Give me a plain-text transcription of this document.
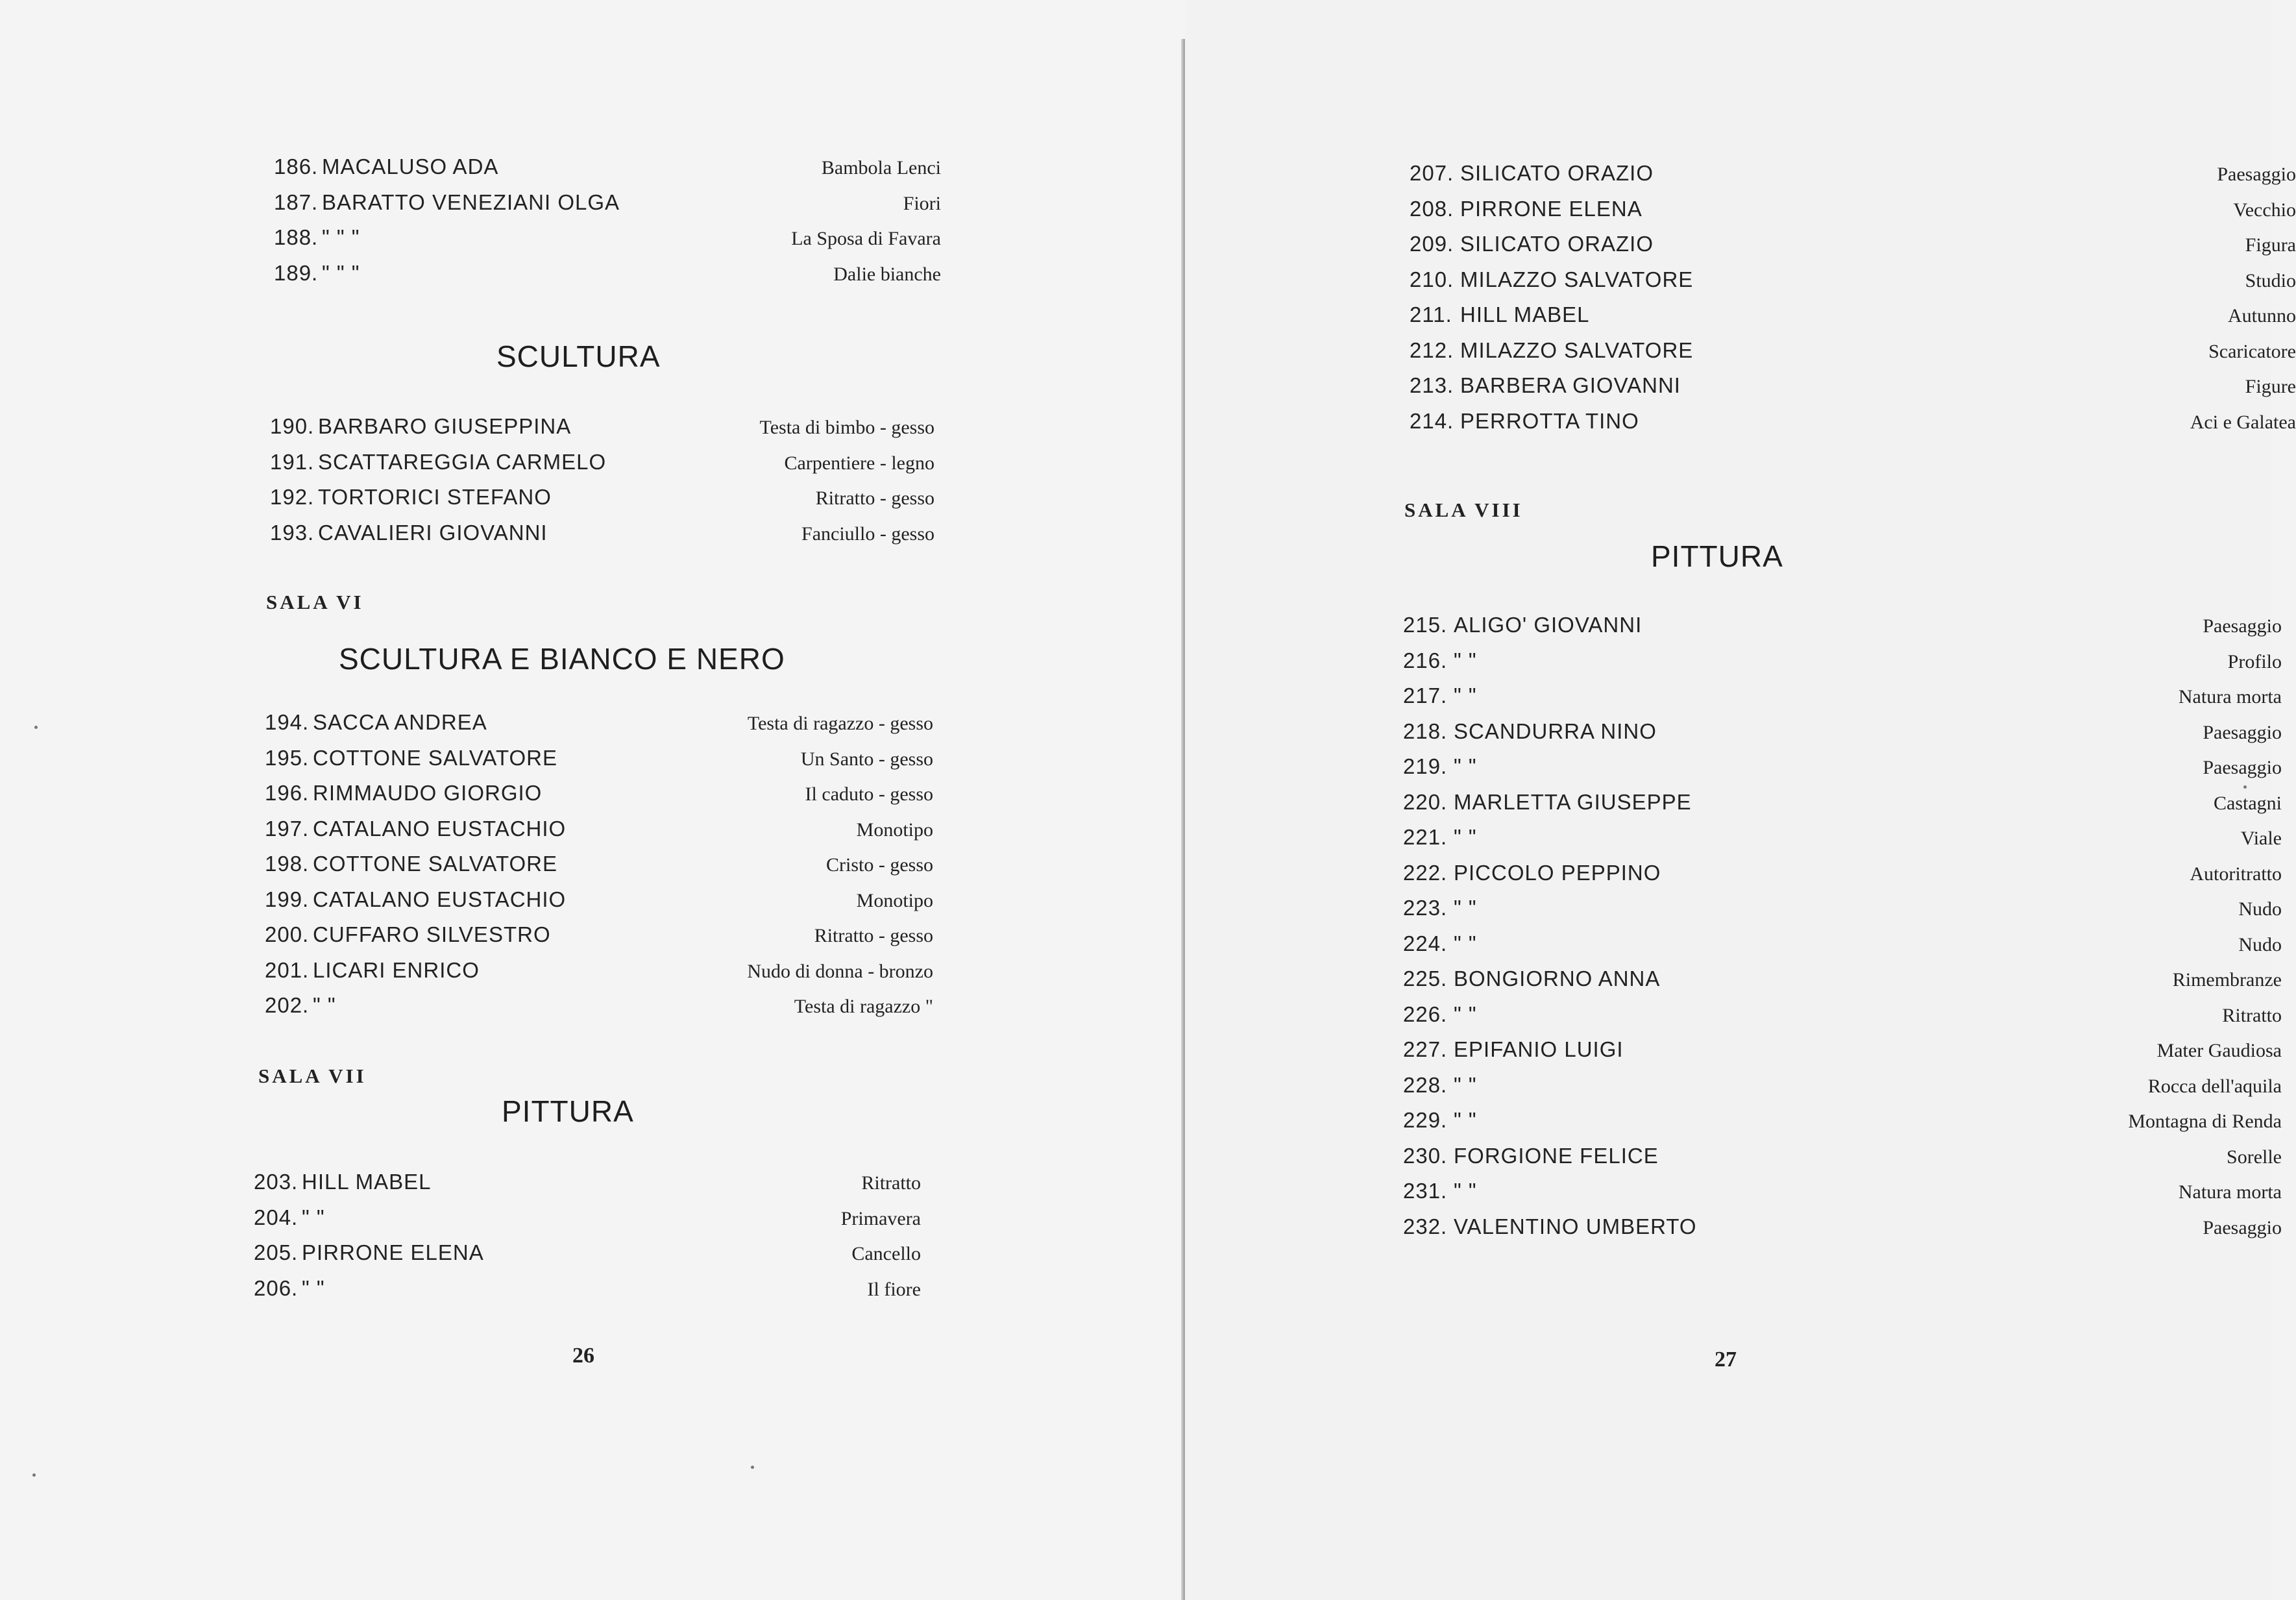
186. MACALUSO ADA	Bambola Lenci
187. BARATTO VENEZIANI OLGA	Fiori
188. " " "	La Sposa di Favara
189. " " "	Dalie bianche
SCULTURA
190. BARBARO GIUSEPPINA	Testa di bimbo - gesso
191. SCATTAREGGIA CARMELO	Carpentiere - legno
192. TORTORICI STEFANO	Ritratto - gesso
193. CAVALIERI GIOVANNI	Fanciullo - gesso
SALA VI
SCULTURA E BIANCO E NERO
194. SACCA ANDREA	Testa di ragazzo - gesso
195. COTTONE SALVATORE	Un Santo - gesso
196. RIMMAUDO GIORGIO	Il caduto - gesso
197. CATALANO EUSTACHIO	Monotipo
198. COTTONE SALVATORE	Cristo - gesso
199. CATALANO EUSTACHIO	Monotipo
200. CUFFARO SILVESTRO	Ritratto - gesso
201. LICARI ENRICO	Nudo di donna - bronzo
202. " "	Testa di ragazzo "
SALA VII
PITTURA
203. HILL MABEL	Ritratto
204. " "	Primavera
205. PIRRONE ELENA	Cancello
206. " "	Il fiore
26
207. SILICATO ORAZIO	Paesaggio
208. PIRRONE ELENA	Vecchio
209. SILICATO ORAZIO	Figura
210. MILAZZO SALVATORE	Studio
211. HILL MABEL	Autunno
212. MILAZZO SALVATORE	Scaricatore
213. BARBERA GIOVANNI	Figure
214. PERROTTA TINO	Aci e Galatea
SALA VIII
PITTURA
215. ALIGO' GIOVANNI	Paesaggio
216. " "	Profilo
217. " "	Natura morta
218. SCANDURRA NINO	Paesaggio
219. " "	Paesaggio
220. MARLETTA GIUSEPPE	Castagni
221. " "	Viale
222. PICCOLO PEPPINO	Autoritratto
223. " "	Nudo
224. " "	Nudo
225. BONGIORNO ANNA	Rimembranze
226. " "	Ritratto
227. EPIFANIO LUIGI	Mater Gaudiosa
228. " "	Rocca dell'aquila
229. " "	Montagna di Renda
230. FORGIONE FELICE	Sorelle
231. " "	Natura morta
232. VALENTINO UMBERTO	Paesaggio
27
